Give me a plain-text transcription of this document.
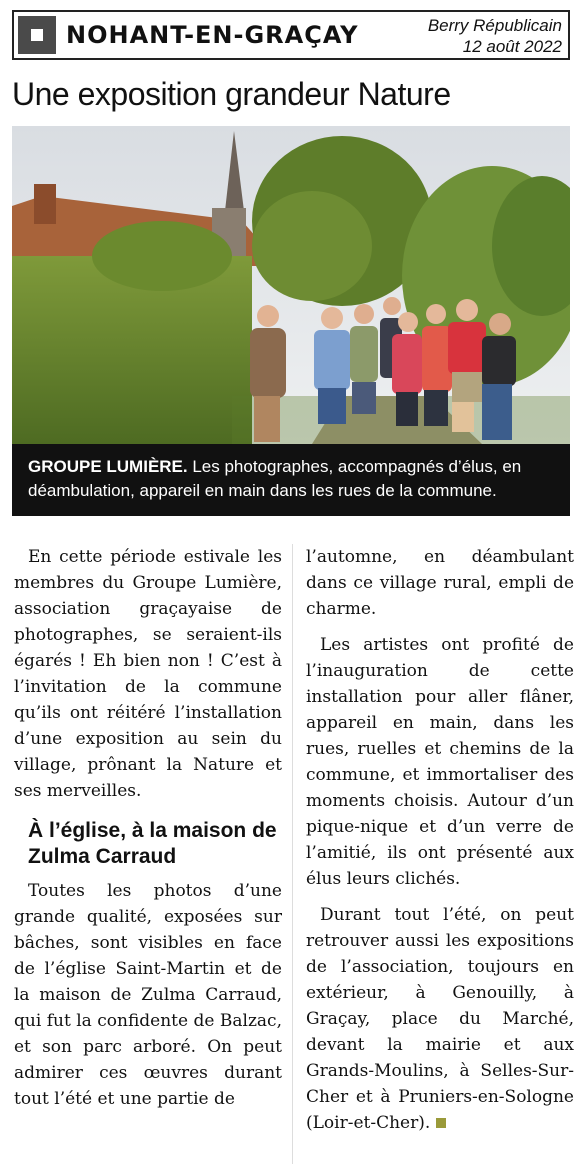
NOHANT-EN-GRAÇAY	Berry Républicain
12 août 2022
Une exposition grandeur Nature
GROUPE LUMIÈRE. Les photographes, accompagnés d’élus, en déambulation, appareil en main dans les rues de la commune.

En cette période estivale les membres du Groupe Lumière, association graçayaise de photographes, se seraient-ils égarés ! Eh bien non ! C’est à l’invitation de la commune qu’ils ont réitéré l’installation d’une exposition au sein du village, prônant la Nature et ses merveilles.

À l’église, à la maison de Zulma Carraud

Toutes les photos d’une grande qualité, exposées sur bâches, sont visibles en face de l’église Saint-Martin et de la maison de Zulma Carraud, qui fut la confidente de Balzac, et son parc arboré. On peut admirer ces œuvres durant tout l’été et une partie de

l’automne, en déambulant dans ce village rural, empli de charme.

Les artistes ont profité de l’inauguration de cette installation pour aller flâner, appareil en main, dans les rues, ruelles et chemins de la commune, et immortaliser des moments choisis. Autour d’un pique-nique et d’un verre de l’amitié, ils ont présenté aux élus leurs clichés.

Durant tout l’été, on peut retrouver aussi les expositions de l’association, toujours en extérieur, à Genouilly, à Graçay, place du Marché, devant la mairie et aux Grands-Moulins, à Selles-Sur-Cher et à Pruniers-en-Sologne (Loir-et-Cher).
